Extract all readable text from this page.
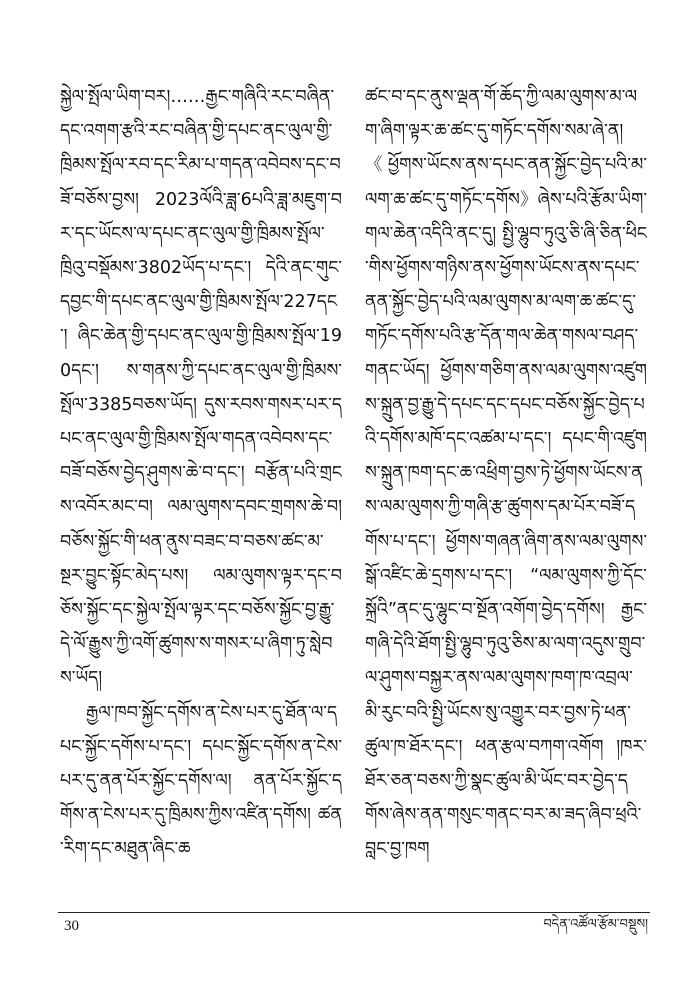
སྐྱེལ་སྤོལ་ཡིག་བར།……རྒྱང་གཞིའི་རང་བཞིན་དང་འགག་རྩའི་རང་བཞིན་གྱི་དཔང་ནང་ལུལ་གྱི་ཁྲིམས་སྤོལ་རབ་དང་རིམ་པ་གདན་འབེབས་དང་བཟོ་བཅོས་བྱས། 2023ལོའི་ཟླ་6པའི་ཟླ་མཇུག་བར་དང་ཡོངས་ལ་དཔང་ནང་ལུལ་གྱི་ཁྲིམས་སྤོལ་ཁྲིའུ་བསྡོམས་3802ཡོད་པ་དང་། དེའི་ནང་གུང་དབྱང་གི་དཔང་ནང་ལུལ་གྱི་ཁྲིམས་སྤོལ་227དང་། ཞིང་ཆེན་གྱི་དཔང་ནང་ལུལ་གྱི་ཁྲིམས་སྤོལ་190དང་། ས་གནས་ཀྱི་དཔང་ནང་ལུལ་གྱི་ཁྲིམས་སྤོལ་3385བཅས་ཡོད། དུས་རབས་གསར་པར་དཔང་ནང་ལུལ་གྱི་ཁྲིམས་སྤོལ་གདན་འབེབས་དང་བཟོ་བཅོས་བྱེད་ཤུགས་ཆེ་བ་དང་། བརྩོན་པའི་གྲངས་འབོར་མང་བ། ལམ་ལུགས་དབང་གྲགས་ཆེ་བ། བཅོས་སྐྱོང་གི་ཕན་ནུས་བཟང་བ་བཅས་ཚང་མ་སྔར་བྱུང་སྟོང་མེད་པས། ལམ་ལུགས་ལྟར་དང་བཅོས་སྐྱོང་དང་སྐྱེལ་སྤོལ་ལྟར་དང་བཅོས་སྐྱོང་བྱ་རྒྱུ་དེ་ལོ་རྒྱུས་ཀྱི་འགོ་ཚུགས་ས་གསར་པ་ཞིག་ཏུ་སླེབས་ཡོད།

རྒྱལ་ཁབ་སྐྱོང་དགོས་ན་ངེས་པར་དུ་ཐོན་ལ་དཔང་སྐྱོང་དགོས་པ་དང་། དཔང་སྐྱོང་དགོས་ན་ངེས་པར་དུ་ནན་པོར་སྐྱོང་དགོས་ལ། ནན་པོར་སྐྱོང་དགོས་ན་ངེས་པར་དུ་ཁྲིམས་ཀྱིས་འཛིན་དགོས། ཚན་རིག་དང་མཐུན་ཞིང་ཆ

ཚང་བ་དང་ནུས་ལྡན་གོ་ཆོད་ཀྱི་ལམ་ལུགས་མ་ལག་ཞིག་ལྟར་ཆ་ཚང་དུ་གཏོང་དགོས་སམ་ཞེ་ན། 《ཕྱོགས་ཡོངས་ནས་དཔང་ནན་སྐྱོང་བྱེད་པའི་མ་ལག་ཆ་ཚང་དུ་གཏོང་དགོས》ཞེས་པའི་རྩོམ་ཡིག་གལ་ཆེན་འདིའི་ནང་དུ། སྤྱི་ལྷུབ་ཏུའུ་ཅི་ཞི་ཅིན་ཕིང་གིས་ཕྱོགས་གཉིས་ནས་ཕྱོགས་ཡོངས་ནས་དཔང་ནན་སྐྱོང་བྱེད་པའི་ལམ་ལུགས་མ་ལག་ཆ་ཚང་དུ་གཏོང་དགོས་པའི་རྩ་དོན་གལ་ཆེན་གསལ་བཤད་གནང་ཡོད། ཕྱོགས་གཅིག་ནས་ལམ་ལུགས་འཛུགས་སྐྲུན་བྱ་རྒྱུ་དེ་དཔང་དང་དཔང་བཅོས་སྐྱོང་བྱེད་པའི་དགོས་མཁོ་དང་འཚམ་པ་དང་། དཔང་གི་འཛུགས་སྐྲུན་ཁག་དང་ཆ་འཕྲིག་བྱས་ཏེ་ཕྱོགས་ཡོངས་ནས་ལམ་ལུགས་ཀྱི་གཞི་རྩ་ཚུགས་དམ་པོར་བཟོ་དགོས་པ་དང་། ཕྱོགས་གཞན་ཞིག་ནས་ལམ་ལུགས་སྒོ་འཛིང་ཆེ་དྲགས་པ་དང་། “ལམ་ལུགས་ཀྱི་དོང་སྐྲོའི”ནང་དུ་ལྷུང་བ་སྔོན་འགོག་བྱེད་དགོས། རྒྱང་གཞི་དེའི་ཐོག་སྤྱི་ལྷུབ་ཏུའུ་ཅིས་མ་ལག་འདུས་གྲུབ་ལ་ཤུགས་བསྐྱར་ནས་ལམ་ལུགས་ཁག་ཁ་འབྲལ་མི་རུང་བའི་སྤྱི་ཡོངས་སུ་འགྱུར་བར་བྱས་ཏེ་ཕན་ཚུལ་ཁ་ཐོར་དང་། ཕན་རྩལ་བཀག་འགོག །ཁར་ཐོར་ཅན་བཅས་ཀྱི་སྣང་ཚུལ་མི་ཡོང་བར་བྱེད་དགོས་ཞེས་ནན་གསུང་གནང་བར་མ་ཟད་ཞིབ་ཕྲའི་བླང་བྱ་ཁག

30	བདེན་འཚོལ་རྩོམ་བསྡུས།
